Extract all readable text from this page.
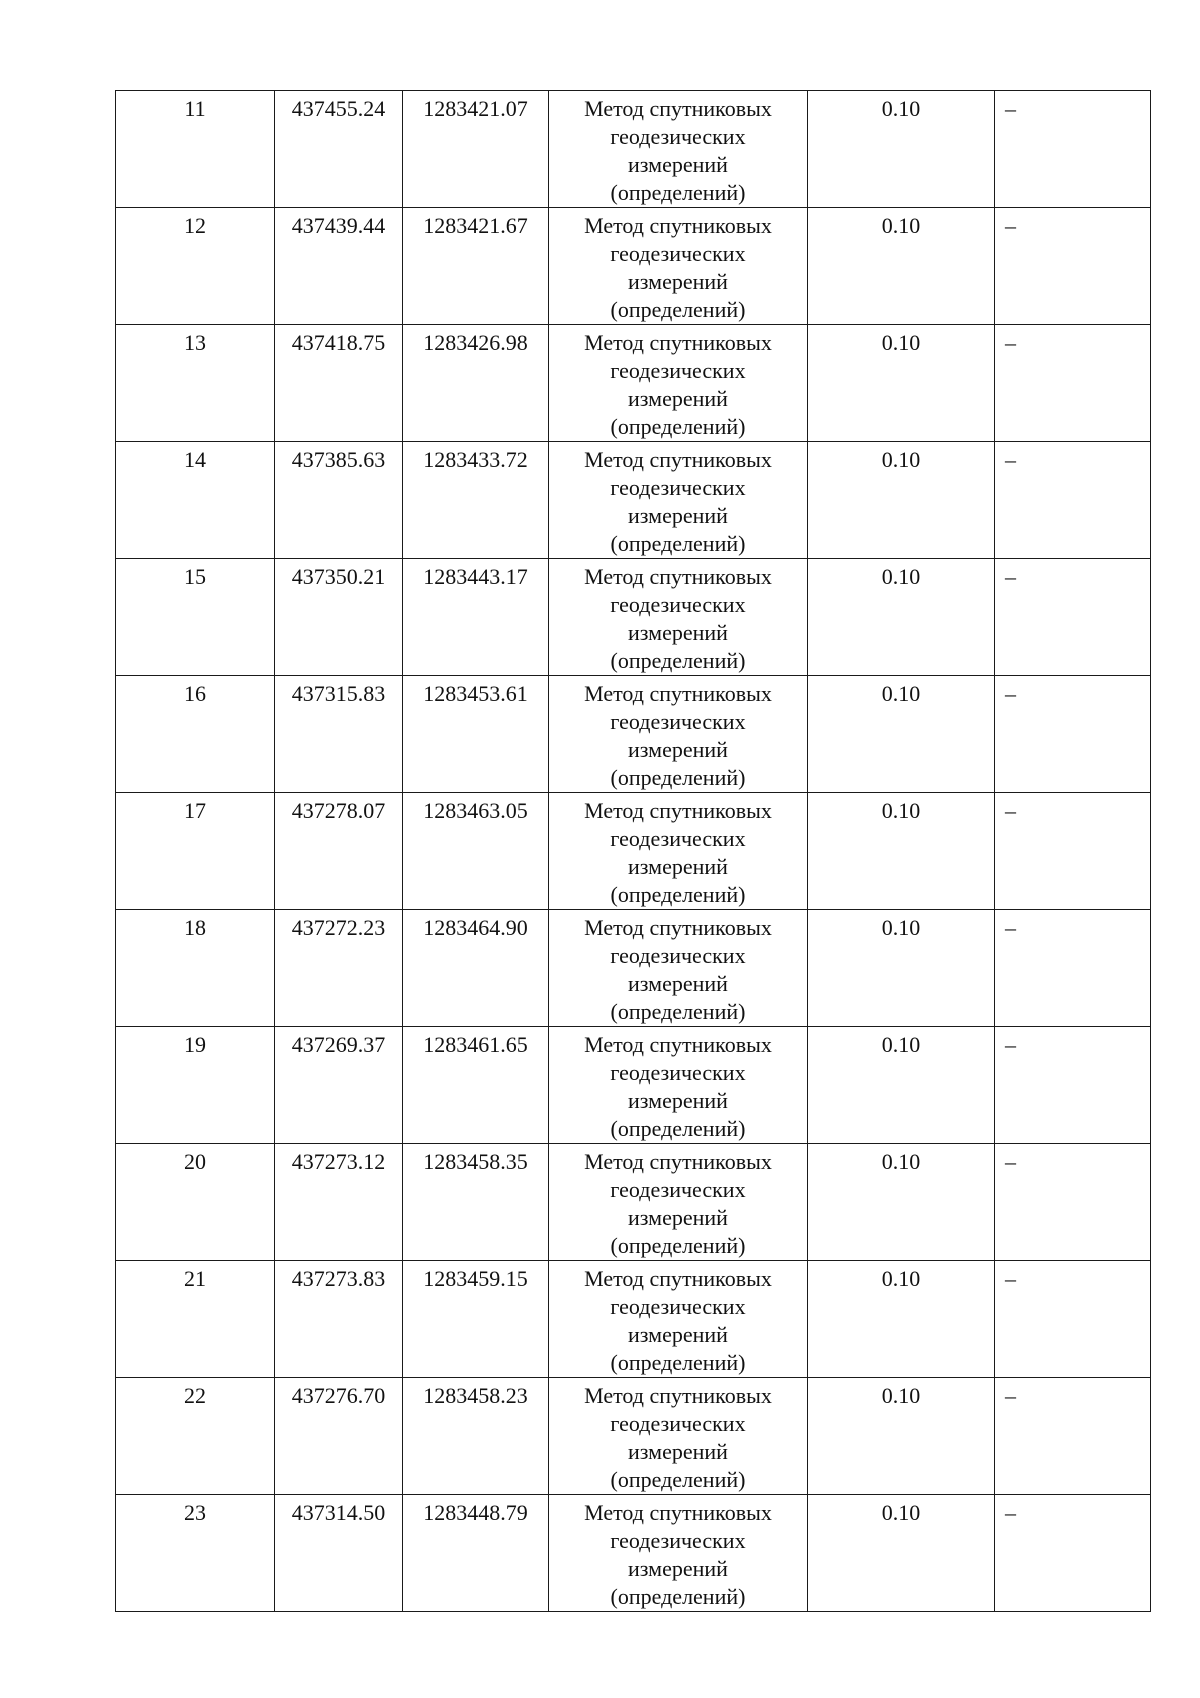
11	437455.24	1283421.07	Метод спутниковых
геодезических
измерений
(определений)	0.10	–
12	437439.44	1283421.67	Метод спутниковых
геодезических
измерений
(определений)	0.10	–
13	437418.75	1283426.98	Метод спутниковых
геодезических
измерений
(определений)	0.10	–
14	437385.63	1283433.72	Метод спутниковых
геодезических
измерений
(определений)	0.10	–
15	437350.21	1283443.17	Метод спутниковых
геодезических
измерений
(определений)	0.10	–
16	437315.83	1283453.61	Метод спутниковых
геодезических
измерений
(определений)	0.10	–
17	437278.07	1283463.05	Метод спутниковых
геодезических
измерений
(определений)	0.10	–
18	437272.23	1283464.90	Метод спутниковых
геодезических
измерений
(определений)	0.10	–
19	437269.37	1283461.65	Метод спутниковых
геодезических
измерений
(определений)	0.10	–
20	437273.12	1283458.35	Метод спутниковых
геодезических
измерений
(определений)	0.10	–
21	437273.83	1283459.15	Метод спутниковых
геодезических
измерений
(определений)	0.10	–
22	437276.70	1283458.23	Метод спутниковых
геодезических
измерений
(определений)	0.10	–
23	437314.50	1283448.79	Метод спутниковых
геодезических
измерений
(определений)	0.10	–
